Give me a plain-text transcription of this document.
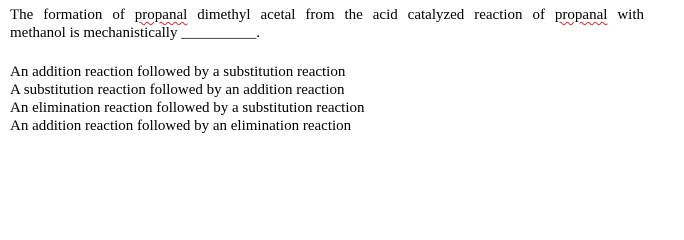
The formation of propanal dimethyl acetal from the acid catalyzed reaction of propanal with
methanol is mechanistically __________.

An addition reaction followed by a substitution reaction
A substitution reaction followed by an addition reaction
An elimination reaction followed by a substitution reaction
An addition reaction followed by an elimination reaction
